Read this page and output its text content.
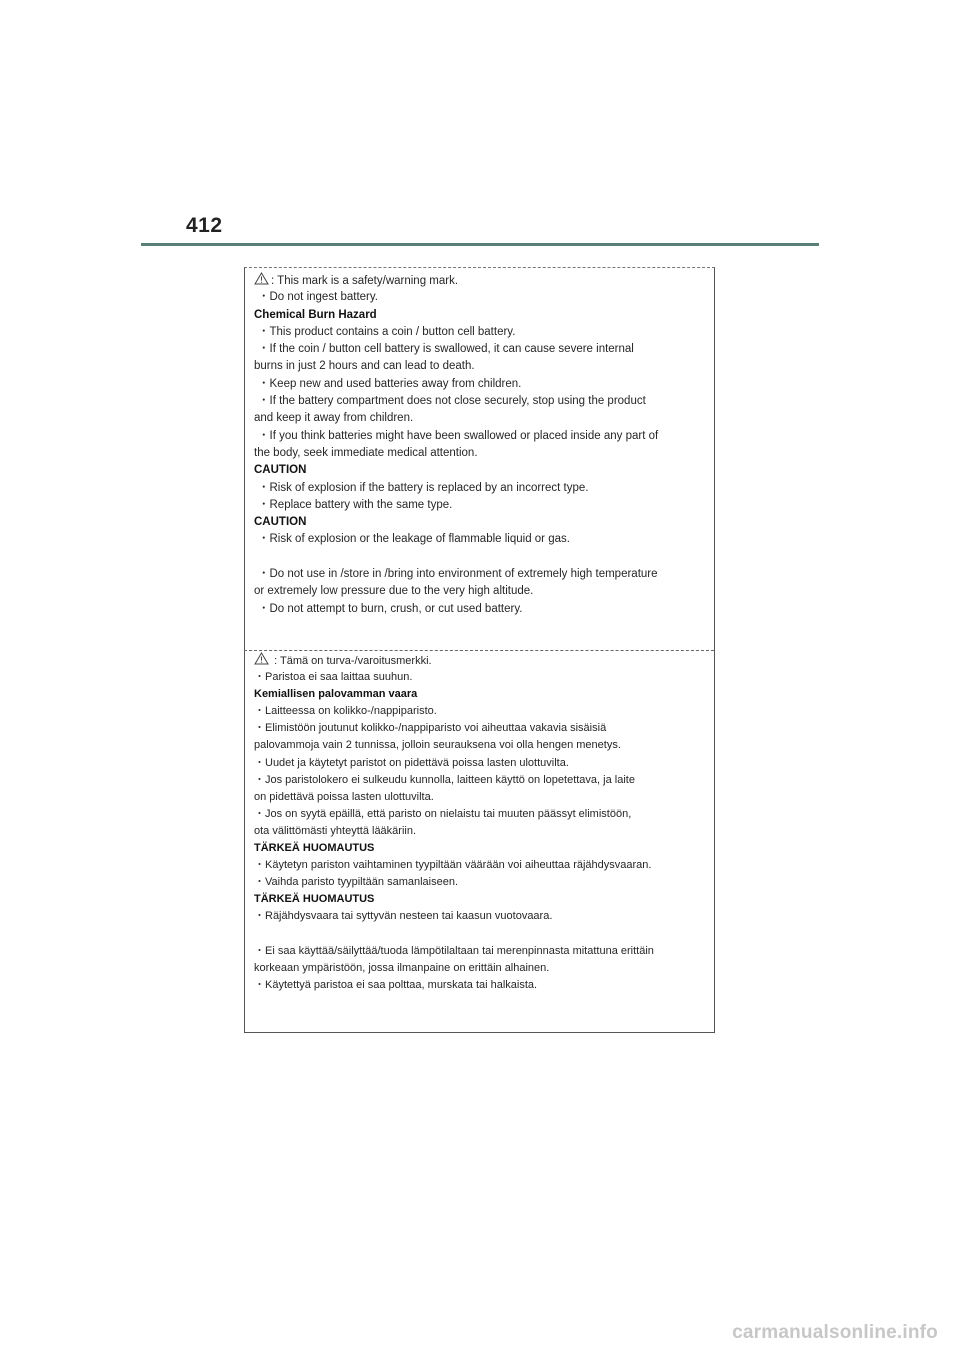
412
: This mark is a safety/warning mark.
・Do not ingest battery.
Chemical Burn Hazard
・This product contains a coin / button cell battery.
・If the coin / button cell battery is swallowed, it can cause severe internal
burns in just 2 hours and can lead to death.
・Keep new and used batteries away from children.
・If the battery compartment does not close securely, stop using the product
and keep it away from children.
・If you think batteries might have been swallowed or placed inside any part of
the body, seek immediate medical attention.
CAUTION
・Risk of explosion if the battery is replaced by an incorrect type.
・Replace battery with the same type.
CAUTION
・Risk of explosion or the leakage of flammable liquid or gas.
・Do not use in /store in /bring into environment of extremely high temperature
or extremely low pressure due to the very high altitude.
・Do not attempt to burn, crush, or cut used battery.
: Tämä on turva-/varoitusmerkki.
・Paristoa ei saa laittaa suuhun.
Kemiallisen palovamman vaara
・Laitteessa on kolikko-/nappiparisto.
・Elimistöön joutunut kolikko-/nappiparisto voi aiheuttaa vakavia sisäisiä
palovammoja vain 2 tunnissa, jolloin seurauksena voi olla hengen menetys.
・Uudet ja käytetyt paristot on pidettävä poissa lasten ulottuvilta.
・Jos paristolokero ei sulkeudu kunnolla, laitteen käyttö on lopetettava, ja laite
on pidettävä poissa lasten ulottuvilta.
・Jos on syytä epäillä, että paristo on nielaistu tai muuten päässyt elimistöön,
ota välittömästi yhteyttä lääkäriin.
TÄRKEÄ HUOMAUTUS
・Käytetyn pariston vaihtaminen tyypiltään väärään voi aiheuttaa räjähdysvaaran.
・Vaihda paristo tyypiltään samanlaiseen.
TÄRKEÄ HUOMAUTUS
・Räjähdysvaara tai syttyvän nesteen tai kaasun vuotovaara.
・Ei saa käyttää/säilyttää/tuoda lämpötilaltaan tai merenpinnasta mitattuna erittäin
korkeaan ympäristöön, jossa ilmanpaine on erittäin alhainen.
・Käytettyä paristoa ei saa polttaa, murskata tai halkaista.
carmanualsonline.info
